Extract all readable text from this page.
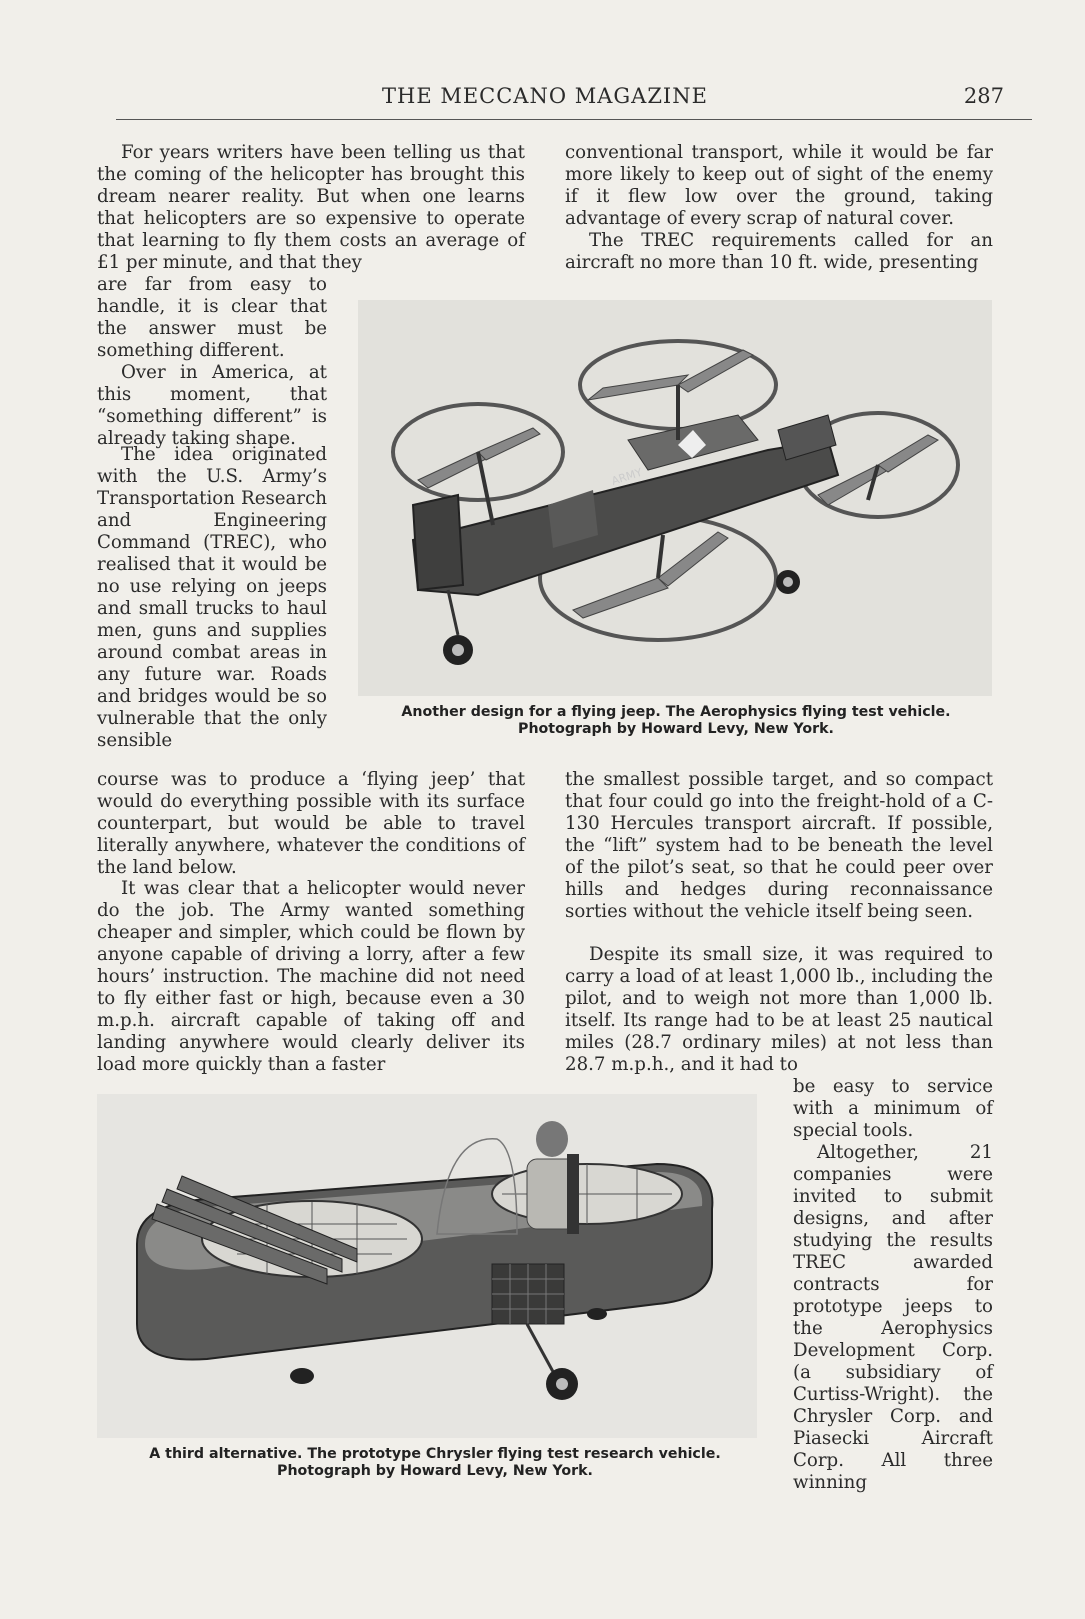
THE MECCANO MAGAZINE	287

For years writers have been telling us that the coming of the helicopter has brought this dream nearer reality. But when one learns that helicopters are so expensive to operate that learning to fly them costs an average of £1 per minute, and that they

are far from easy to handle, it is clear that the answer must be something different.

Over in America, at this moment, that “something different” is already taking shape.

The idea originated with the U.S. Army’s Transportation Research and Engineering Command (TREC), who realised that it would be no use relying on jeeps and small trucks to haul men, guns and supplies around combat areas in any future war. Roads and bridges would be so vulnerable that the only sensible

course was to produce a ‘flying jeep’ that would do everything possible with its surface counterpart, but would be able to travel literally anywhere, whatever the conditions of the land below.

It was clear that a helicopter would never do the job. The Army wanted something cheaper and simpler, which could be flown by anyone capable of driving a lorry, after a few hours’ instruction. The machine did not need to fly either fast or high, because even a 30 m.p.h. aircraft capable of taking off and landing anywhere would clearly deliver its load more quickly than a faster

conventional transport, while it would be far more likely to keep out of sight of the enemy if it flew low over the ground, taking advantage of every scrap of natural cover.

The TREC requirements called for an aircraft no more than 10 ft. wide, presenting

the smallest possible target, and so compact that four could go into the freight-hold of a C-130 Hercules transport aircraft. If possible, the “lift” system had to be beneath the level of the pilot’s seat, so that he could peer over hills and hedges during reconnaissance sorties without the vehicle itself being seen.

Despite its small size, it was required to carry a load of at least 1,000 lb., including the pilot, and to weigh not more than 1,000 lb. itself. Its range had to be at least 25 nautical miles (28.7 ordinary miles) at not less than 28.7 m.p.h., and it had to

be easy to service with a minimum of special tools.

Altogether, 21 companies were invited to submit designs, and after studying the results TREC awarded contracts for prototype jeeps to the Aerophysics Development Corp. (a subsidiary of Curtiss-Wright). the Chrysler Corp. and Piasecki Aircraft Corp. All three winning

ARMY
Another design for a flying jeep. The Aerophysics flying test vehicle. Photograph by Howard Levy, New York.
A third alternative. The prototype Chrysler flying test research vehicle. Photograph by Howard Levy, New York.
